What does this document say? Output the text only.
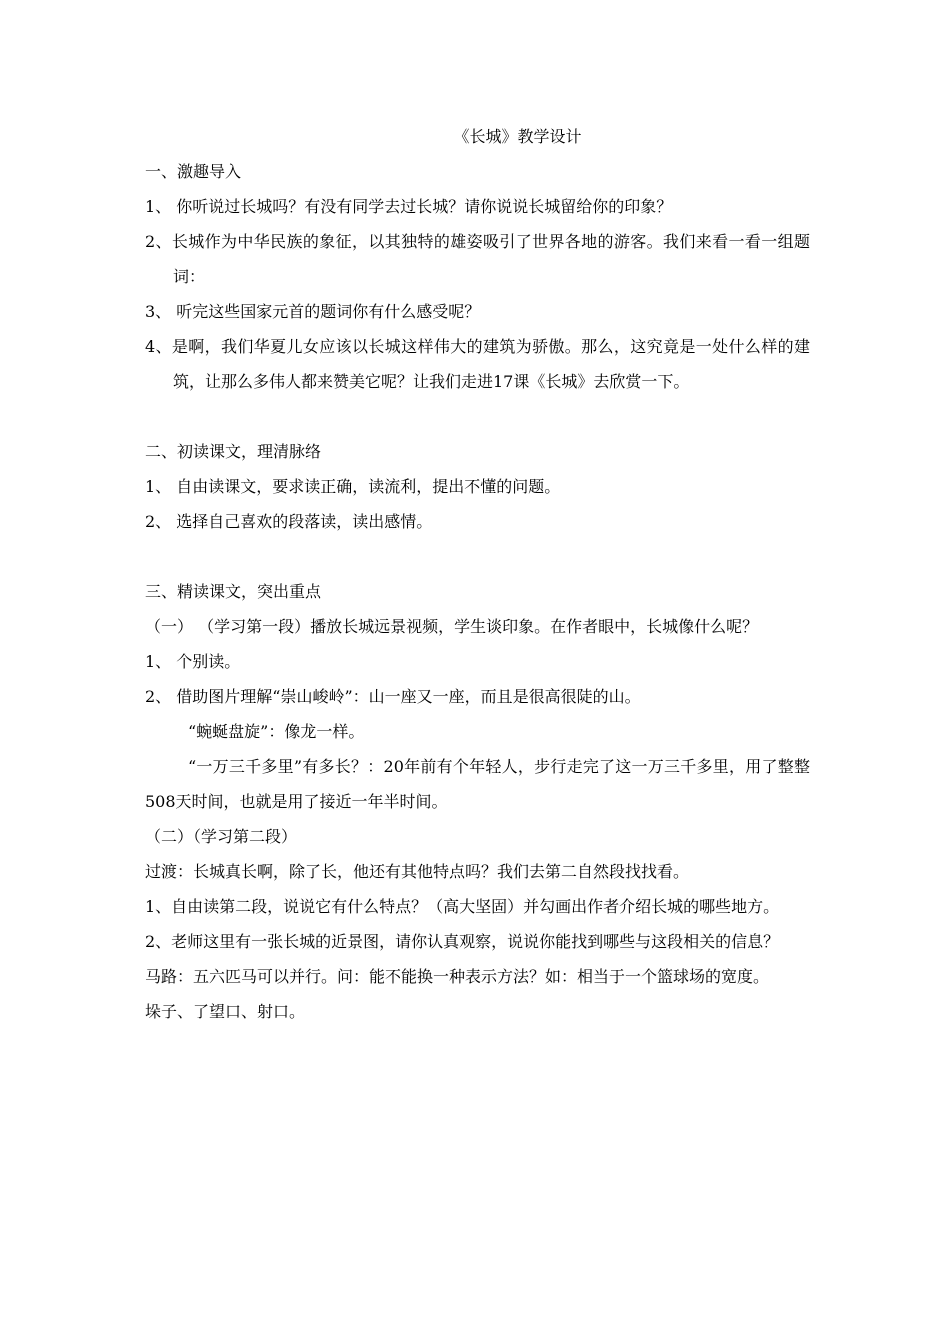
《长城》教学设计
一、激趣导入
1、 你听说过长城吗？有没有同学去过长城？请你说说长城留给你的印象？
2、长城作为中华民族的象征，以其独特的雄姿吸引了世界各地的游客。我们来看一看一组题词：
3、 听完这些国家元首的题词你有什么感受呢？
4、是啊，我们华夏儿女应该以长城这样伟大的建筑为骄傲。那么，这究竟是一处什么样的建筑，让那么多伟人都来赞美它呢？让我们走进17课《长城》去欣赏一下。
二、初读课文，理清脉络
1、 自由读课文，要求读正确，读流利，提出不懂的问题。
2、 选择自己喜欢的段落读，读出感情。
三、精读课文，突出重点
（一） （学习第一段）播放长城远景视频，学生谈印象。在作者眼中，长城像什么呢？
1、 个别读。
2、 借助图片理解“崇山峻岭”：山一座又一座，而且是很高很陡的山。
“蜿蜒盘旋”：像龙一样。
“一万三千多里”有多长？：20年前有个年轻人，步行走完了这一万三千多里，用了整整508天时间，也就是用了接近一年半时间。
（二）（学习第二段）
过渡：长城真长啊，除了长，他还有其他特点吗？我们去第二自然段找找看。
1、自由读第二段，说说它有什么特点？（高大坚固）并勾画出作者介绍长城的哪些地方。
2、老师这里有一张长城的近景图，请你认真观察，说说你能找到哪些与这段相关的信息？
马路：五六匹马可以并行。问：能不能换一种表示方法？如：相当于一个篮球场的宽度。
垛子、了望口、射口。
